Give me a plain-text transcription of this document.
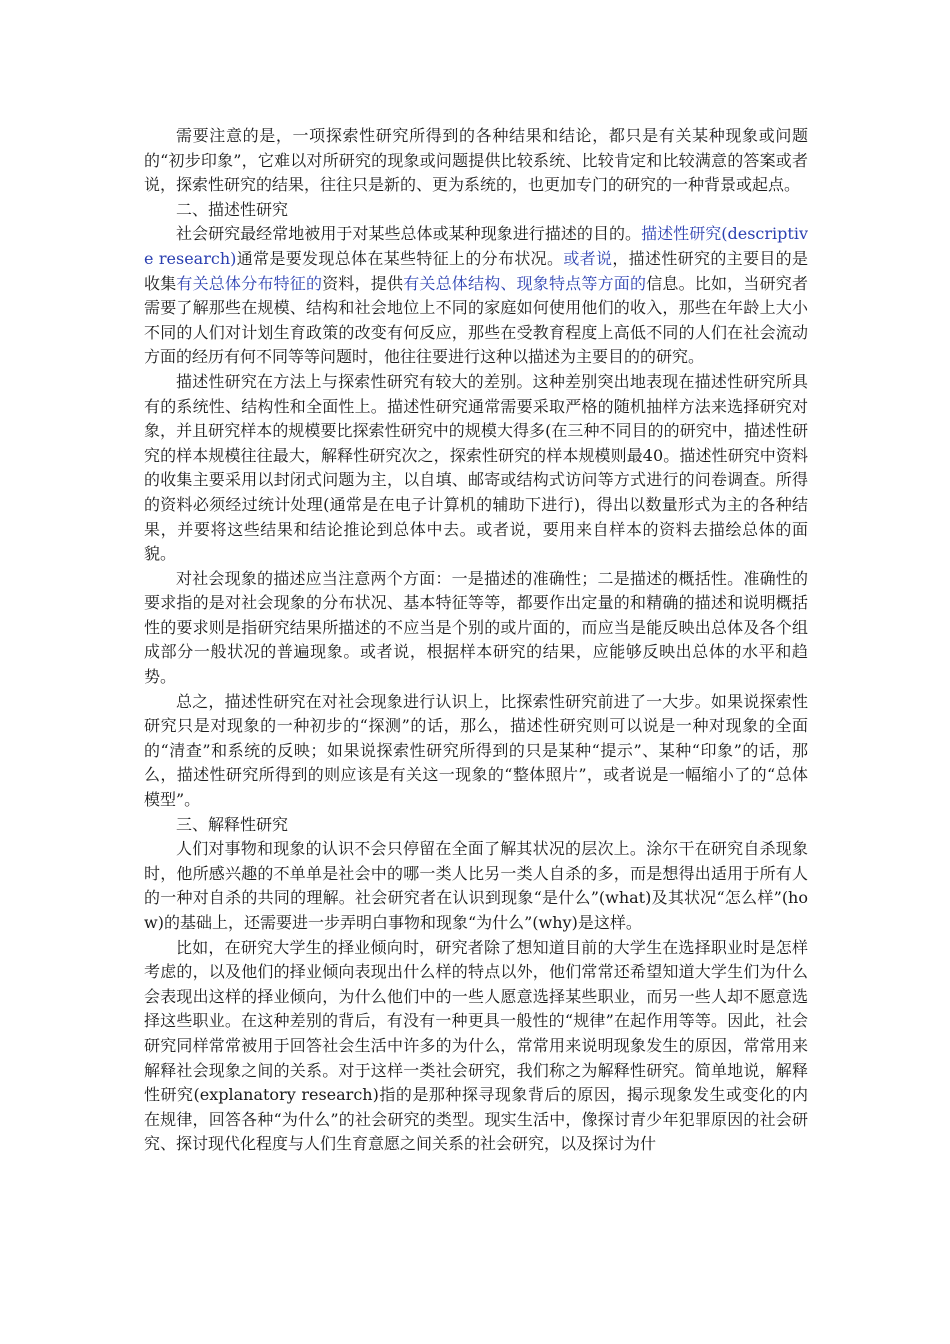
需要注意的是，一项探索性研究所得到的各种结果和结论，都只是有关某种现象或问题的“初步印象”，它难以对所研究的现象或问题提供比较系统、比较肯定和比较满意的答案或者说，探索性研究的结果，往往只是新的、更为系统的，也更加专门的研究的一种背景或起点。

二、描述性研究

社会研究最经常地被用于对某些总体或某种现象进行描述的目的。描述性研究(descriptive research)通常是要发现总体在某些特征上的分布状况。或者说，描述性研究的主要目的是收集有关总体分布特征的资料，提供有关总体结构、现象特点等方面的信息。比如，当研究者需要了解那些在规模、结构和社会地位上不同的家庭如何使用他们的收入，那些在年龄上大小不同的人们对计划生育政策的改变有何反应，那些在受教育程度上高低不同的人们在社会流动方面的经历有何不同等等问题时，他往往要进行这种以描述为主要目的的研究。

描述性研究在方法上与探索性研究有较大的差别。这种差别突出地表现在描述性研究所具有的系统性、结构性和全面性上。描述性研究通常需要采取严格的随机抽样方法来选择研究对象，并且研究样本的规模要比探索性研究中的规模大得多(在三种不同目的的研究中，描述性研究的样本规模往往最大，解释性研究次之，探索性研究的样本规模则最40。描述性研究中资料的收集主要采用以封闭式问题为主，以自填、邮寄或结构式访问等方式进行的问卷调查。所得的资料必须经过统计处理(通常是在电子计算机的辅助下进行)，得出以数量形式为主的各种结果，并要将这些结果和结论推论到总体中去。或者说，要用来自样本的资料去描绘总体的面貌。

对社会现象的描述应当注意两个方面：一是描述的准确性；二是描述的概括性。准确性的要求指的是对社会现象的分布状况、基本特征等等，都要作出定量的和精确的描述和说明概括性的要求则是指研究结果所描述的不应当是个别的或片面的，而应当是能反映出总体及各个组成部分一般状况的普遍现象。或者说，根据样本研究的结果，应能够反映出总体的水平和趋势。

总之，描述性研究在对社会现象进行认识上，比探索性研究前进了一大步。如果说探索性研究只是对现象的一种初步的“探测”的话，那么，描述性研究则可以说是一种对现象的全面的“清查”和系统的反映；如果说探索性研究所得到的只是某种“提示”、某种“印象”的话，那么，描述性研究所得到的则应该是有关这一现象的“整体照片”，或者说是一幅缩小了的“总体模型”。

三、解释性研究

人们对事物和现象的认识不会只停留在全面了解其状况的层次上。涂尔干在研究自杀现象时，他所感兴趣的不单单是社会中的哪一类人比另一类人自杀的多，而是想得出适用于所有人的一种对自杀的共同的理解。社会研究者在认识到现象“是什么”(what)及其状况“怎么样”(how)的基础上，还需要进一步弄明白事物和现象“为什么”(why)是这样。

比如，在研究大学生的择业倾向时，研究者除了想知道目前的大学生在选择职业时是怎样考虑的，以及他们的择业倾向表现出什么样的特点以外，他们常常还希望知道大学生们为什么会表现出这样的择业倾向，为什么他们中的一些人愿意选择某些职业，而另一些人却不愿意选择这些职业。在这种差别的背后，有没有一种更具一般性的“规律”在起作用等等。因此，社会研究同样常常被用于回答社会生活中许多的为什么，常常用来说明现象发生的原因，常常用来解释社会现象之间的关系。对于这样一类社会研究，我们称之为解释性研究。简单地说，解释性研究(explanatory research)指的是那种探寻现象背后的原因，揭示现象发生或变化的内在规律，回答各种“为什么”的社会研究的类型。现实生活中，像探讨青少年犯罪原因的社会研究、探讨现代化程度与人们生育意愿之间关系的社会研究，以及探讨为什
